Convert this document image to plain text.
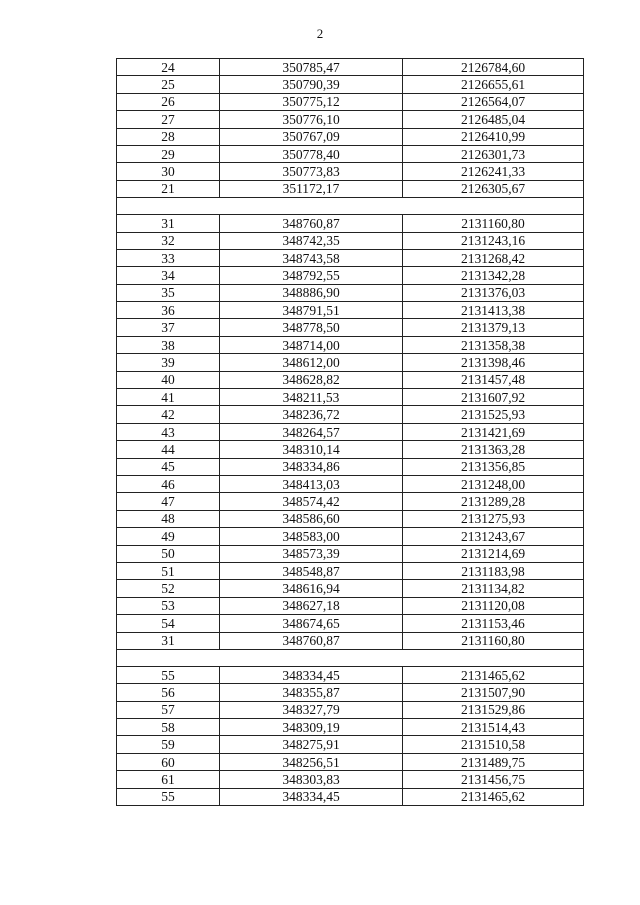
2
24	350785,47	2126784,60
25	350790,39	2126655,61
26	350775,12	2126564,07
27	350776,10	2126485,04
28	350767,09	2126410,99
29	350778,40	2126301,73
30	350773,83	2126241,33
21	351172,17	2126305,67

31	348760,87	2131160,80
32	348742,35	2131243,16
33	348743,58	2131268,42
34	348792,55	2131342,28
35	348886,90	2131376,03
36	348791,51	2131413,38
37	348778,50	2131379,13
38	348714,00	2131358,38
39	348612,00	2131398,46
40	348628,82	2131457,48
41	348211,53	2131607,92
42	348236,72	2131525,93
43	348264,57	2131421,69
44	348310,14	2131363,28
45	348334,86	2131356,85
46	348413,03	2131248,00
47	348574,42	2131289,28
48	348586,60	2131275,93
49	348583,00	2131243,67
50	348573,39	2131214,69
51	348548,87	2131183,98
52	348616,94	2131134,82
53	348627,18	2131120,08
54	348674,65	2131153,46
31	348760,87	2131160,80

55	348334,45	2131465,62
56	348355,87	2131507,90
57	348327,79	2131529,86
58	348309,19	2131514,43
59	348275,91	2131510,58
60	348256,51	2131489,75
61	348303,83	2131456,75
55	348334,45	2131465,62
